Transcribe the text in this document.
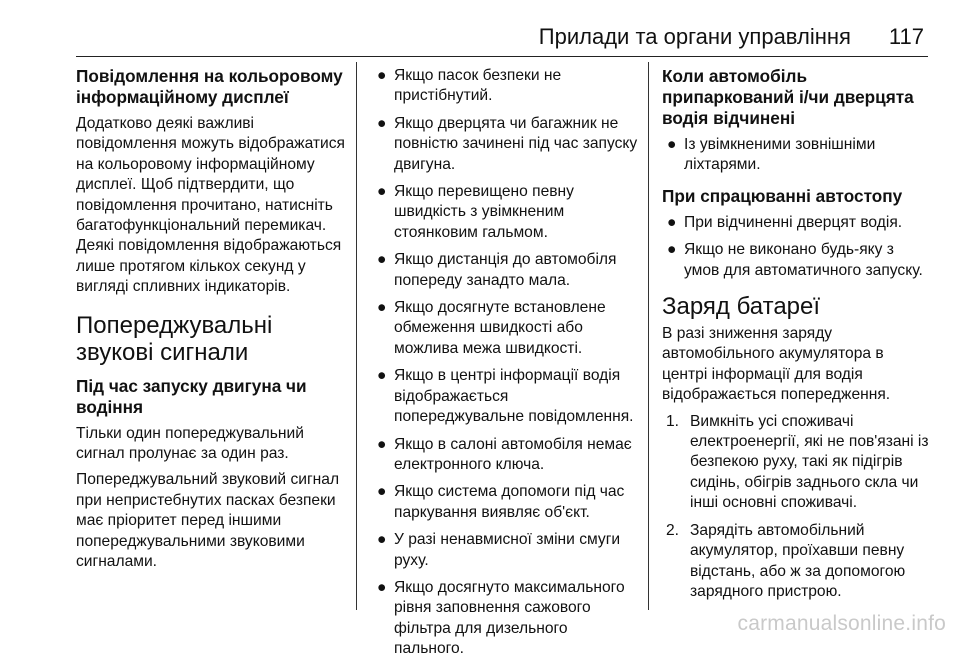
Прилади та органи управління 117
Повідомлення на кольоровому інформаційному дисплеї

Додатково деякі важливі повідомлення можуть відображатися на кольоровому інформаційному дисплеї. Щоб підтвердити, що повідомлення прочитано, натисніть багатофункціональний перемикач. Деякі повідомлення відображаються лише протягом кількох секунд у вигляді спливних індикаторів.

Попереджувальні звукові сигнали
Під час запуску двигуна чи водіння

Тільки один попереджувальний сигнал пролунає за один раз.

Попереджувальний звуковий сигнал при непристебнутих пасках безпеки має пріоритет перед іншими попереджувальними звуковими сигналами.

● Якщо пасок безпеки не пристібнутий.
● Якщо дверцята чи багажник не повністю зачинені під час запуску двигуна.
● Якщо перевищено певну швидкість з увімкненим стоянковим гальмом.
● Якщо дистанція до автомобіля попереду занадто мала.
● Якщо досягнуте встановлене обмеження швидкості або можлива межа швидкості.
● Якщо в центрі інформації водія відображається попереджувальне повідомлення.
● Якщо в салоні автомобіля немає електронного ключа.
● Якщо система допомоги під час паркування виявляє об'єкт.
● У разі ненавмисної зміни смуги руху.
● Якщо досягнуто максимального рівня заповнення сажового фільтра для дизельного пального.
Коли автомобіль припаркований і/чи дверцята водія відчинені
● Із увімкненими зовнішніми ліхтарями.
При спрацюванні автостопу
● При відчиненні дверцят водія.
● Якщо не виконано будь-яку з умов для автоматичного запуску.
Заряд батареї

В разі зниження заряду автомобільного акумулятора в центрі інформації для водія відображається попередження.

1. Вимкніть усі споживачі електроенергії, які не пов'язані із безпекою руху, такі як підігрів сидінь, обігрів заднього скла чи інші основні споживачі.
2. Зарядіть автомобільний акумулятор, проїхавши певну відстань, або ж за допомогою зарядного пристрою.
carmanualsonline.info
